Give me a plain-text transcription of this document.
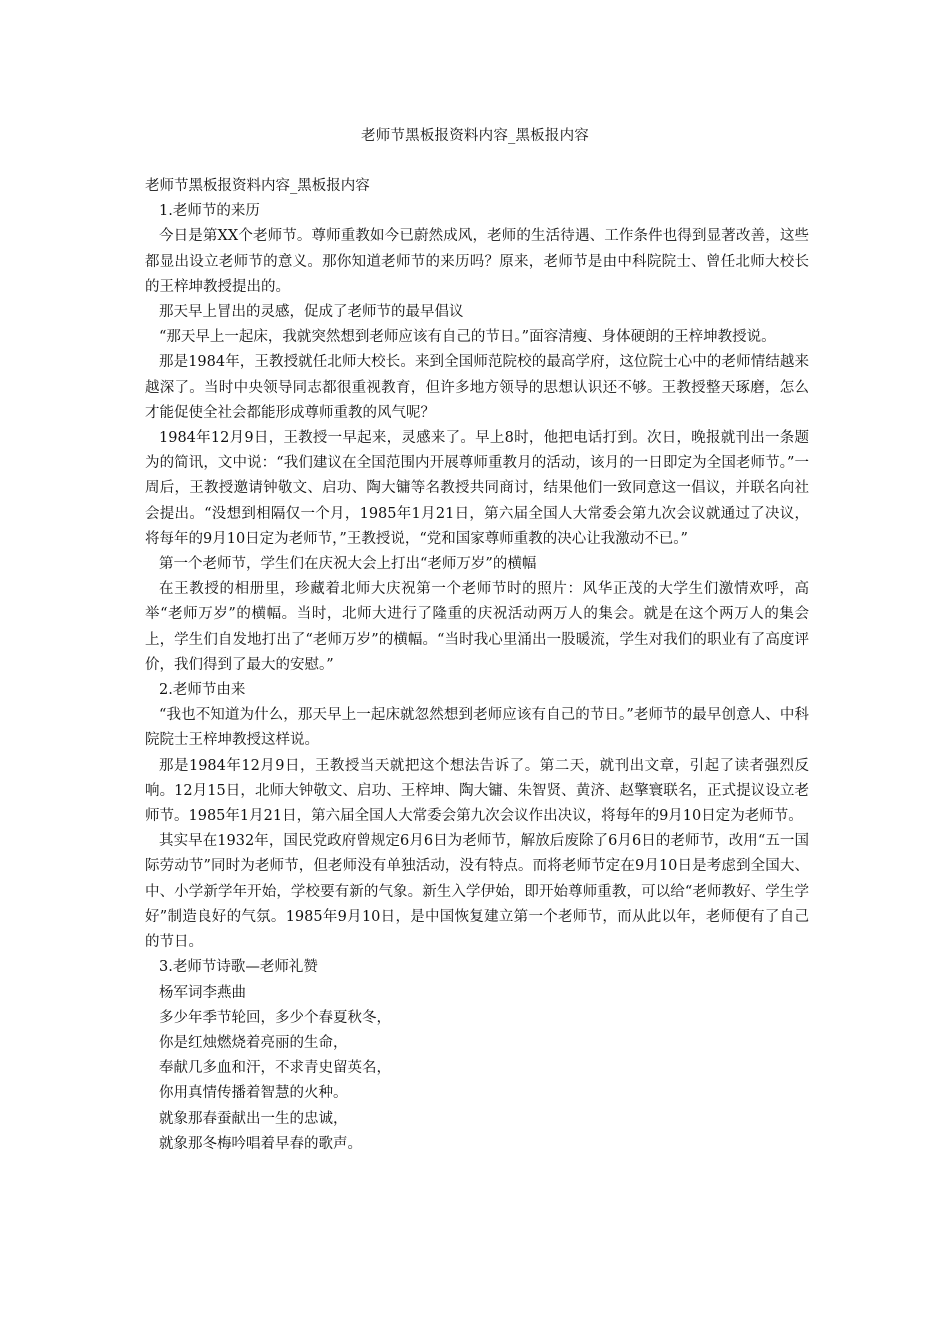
老师节黑板报资料内容_黑板报内容

老师节黑板报资料内容_黑板报内容

1.老师节的来历

今日是第XX个老师节。尊师重教如今已蔚然成风，老师的生活待遇、工作条件也得到显著改善，这些都显出设立老师节的意义。那你知道老师节的来历吗？原来，老师节是由中科院院士、曾任北师大校长的王梓坤教授提出的。

那天早上冒出的灵感，促成了老师节的最早倡议

“那天早上一起床，我就突然想到老师应该有自己的节日。”面容清瘦、身体硬朗的王梓坤教授说。

那是1984年，王教授就任北师大校长。来到全国师范院校的最高学府，这位院士心中的老师情结越来越深了。当时中央领导同志都很重视教育，但许多地方领导的思想认识还不够。王教授整天琢磨，怎么才能促使全社会都能形成尊师重教的风气呢？

1984年12月9日，王教授一早起来，灵感来了。早上8时，他把电话打到。次日，晚报就刊出一条题为的简讯，文中说：“我们建议在全国范围内开展尊师重教月的活动，该月的一日即定为全国老师节。”一周后，王教授邀请钟敬文、启功、陶大镛等名教授共同商讨，结果他们一致同意这一倡议，并联名向社会提出。“没想到相隔仅一个月，1985年1月21日，第六届全国人大常委会第九次会议就通过了决议，将每年的9月10日定为老师节，”王教授说，“党和国家尊师重教的决心让我激动不已。”

第一个老师节，学生们在庆祝大会上打出“老师万岁”的横幅

在王教授的相册里，珍藏着北师大庆祝第一个老师节时的照片：风华正茂的大学生们激情欢呼，高举“老师万岁”的横幅。当时，北师大进行了隆重的庆祝活动两万人的集会。就是在这个两万人的集会上，学生们自发地打出了“老师万岁”的横幅。“当时我心里涌出一股暖流，学生对我们的职业有了高度评价，我们得到了最大的安慰。”

2.老师节由来

“我也不知道为什么，那天早上一起床就忽然想到老师应该有自己的节日。”老师节的最早创意人、中科院院士王梓坤教授这样说。

那是1984年12月9日，王教授当天就把这个想法告诉了。第二天，就刊出文章，引起了读者强烈反响。12月15日，北师大钟敬文、启功、王梓坤、陶大镛、朱智贤、黄济、赵擎寰联名，正式提议设立老师节。1985年1月21日，第六届全国人大常委会第九次会议作出决议，将每年的9月10日定为老师节。

其实早在1932年，国民党政府曾规定6月6日为老师节，解放后废除了6月6日的老师节，改用“五一国际劳动节”同时为老师节，但老师没有单独活动，没有特点。而将老师节定在9月10日是考虑到全国大、中、小学新学年开始，学校要有新的气象。新生入学伊始，即开始尊师重教，可以给“老师教好、学生学好”制造良好的气氛。1985年9月10日，是中国恢复建立第一个老师节，而从此以年，老师便有了自己的节日。

3.老师节诗歌—老师礼赞

杨军词李燕曲

多少年季节轮回，多少个春夏秋冬，

你是红烛燃烧着亮丽的生命，

奉献几多血和汗，不求青史留英名，

你用真情传播着智慧的火种。

就象那春蚕献出一生的忠诚，

就象那冬梅吟唱着早春的歌声。
